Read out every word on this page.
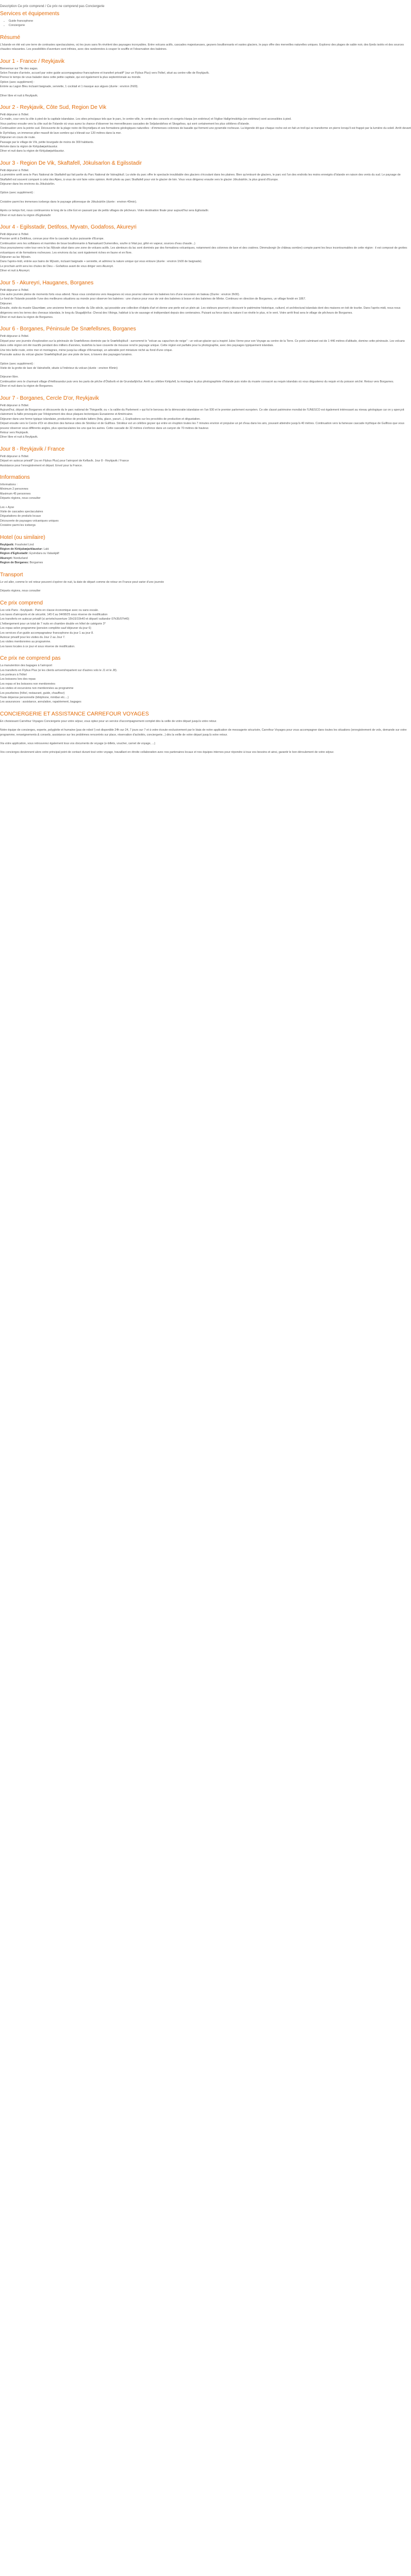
Description Ce prix comprend / Ce prix ne comprend pas Conciergerie

Services et équipements
• Guide francophone
• Conciergerie
Résumé

L'Islande en été est une terre de contrastes spectaculaires, où les jours sans fin révèlent des paysages incroyables. Entre volcans actifs, cascades majestueuses, geysers bouillonnants et vastes glaciers, le pays offre des merveilles naturelles uniques. Explorez des plages de sable noir, des fjords isolés et des sources chaudes relaxantes. Les possibilités d'aventure sont infinies, avec des randonnées à couper le souffle et l'observation des baleines.

Jour 1 - France / Reykjavik

Bienvenue sur l'île des sagas.

Selon l'horaire d'arrivée, accueil par votre guide accompagnateur francophone et transfert privatif* (sur un Flybus Plus) vers l'hôtel, situé au centre-ville de Reykjavík.

Prenez le temps de vous balader dans cette petite capitale, qui est également la plus septentrionale au monde.

Option (avec supplément) :

Entrée au Lagon Bleu incluant baignade, serviette, 1 cocktail et 1 masque aux algues (durée : environ 2h00).

Dîner libre et nuit à Reykjavik.

Jour 2 - Reykjavik, Côte Sud, Region De Vik

Petit déjeuner à l'hôtel.

Ce matin, cour vers la côte à pied de la capitale islandaise. Les sites principaux tels que le parc, le centre-ville, le centre des concerts et congrès Harpa (en extérieur) et l'église Hallgrímskirkja (en extérieur) sont accessibles à pied.

Vous partirez ensuite vers la côte sud de l'Islande où vous aurez la chance d'observer les merveilleuses cascades de Seljalandsfoss et Skogafoss, qui sont certainement les plus célèbres d'Islande.

Continuation vers la pointe sud. Découverte de la plage noire de Reynisfjara et ses formations géologiques naturelles : d'immenses colonnes de basalte qui forment une pyramide rocheuse. La légende dit que chaque roche est en fait un troll qui se transforme en pierre lorsqu'il est frappé par la lumière du soleil. Arrêt devant le Dyrhólaey, un immense pilier massif de lave sombre qui s'élevait sur 120 mètres dans la mer.

Déjeuner en cours de route.

Passage par le village de Vík, petite bourgade de moins de 300 habitants.

Arrivée dans la région de Kirkjubæjarklaustur.

Dîner et nuit dans la région de Kirkjubæjarklaustur.

Jour 3 - Region De Vik, Skaftafell, Jökulsarlon & Egilsstadir

Petit déjeuner à l'hôtel.

La première arrêt sera le Parc National de Skaftafell qui fait partie du Parc National de Vatnajökull. La visite du parc offre le spectacle inoubliable des glaciers s'écoulant dans les plaines. Bien qu'entouré de glaciers, le parc est l'un des endroits les moins enneigés d'Islande en raison des vents du sud. Le paysage de Skaftafell est souvent comparé à celui des Alpes, à vous de voir faire votre opinion. Arrêt photo au parc Skaftafell pour voir le glacier de loin. Vous vous dirigerez ensuite vers le glacier Jökulsárlón, la plus grand d'Europe.

Déjeuner dans les environs du Jökulsárlón.

Option (avec supplément) :

Croisière parmi les immenses icebergs dans le paysage pittoresque de Jökulsárlón (durée : environ 40min).

Après ce temps fort, nous continuerons le long de la côte Est en passant par de petits villages de pêcheurs. Votre destination finale pour aujourd'hui sera Egilsstaðir.

Dîner et nuit dans la région d'Egilsstaðir

Jour 4 - Egilsstadir, Detifoss, Myvatn, Godafoss, Akureyri

Petit déjeuner à l'hôtel.

Premier arrêt à Dettifoss, connue pour être la cascade la plus puissante d'Europe.

Continuation vers les solfatares et marmites de boue bouillonnante à Namaskard Dumerolles, soufre à l'état pur, gêté en vapeur, sources d'eau chaude...)

Vous poursuiverez votre tour vers le lac Mývatn situé dans une zone de volcans actifs. Les alentours du lac sont dominés par des formations volcaniques, notamment des colonnes de lave et des cratères. Dimmuborgir (le château sombre) compte parmi les lieux incontournables de cette région : il est composé de grottes volcaniques et de formations rocheuses. Les environs du lac sont également riches en faune et en flore.

Déjeuner au lac Mývatn.

Dans l'après-midi, entrée aux bains de Mývatn, incluant baignade + serviette, et admirez la nature unique qui vous entoure (durée : environ 1h00 de baignade).

Le prochain arrêt sera les chutes de Dieu – Goðafoss avant de vous diriger vers Akureyri.

Dîner et nuit à Akureyri.

Jour 5 - Akureyri, Hauganes, Borganes

Petit déjeuner à l'hôtel.

Une autre journée pleine de moments forts vous attend. Nous vous conduirons vers Haugenes où vous pourrez observer les baleines lors d'une excursion en bateau (Durée : environ 3h00).

Le fond de l'Islande possède l'une des meilleures situations au monde pour observer les baleines : une chance pour vous de voir des baleines à bosse et des baleines de Minke. Continuez en direction de Borgarnes, un village fondé en 1867.

Déjeuner.

Ensuite, visite du musée Glaumbær, une ancienne ferme en tourbe du 18e siècle, qui possède une collection d'objets d'art et donne une perle est un plein air. Les visiteurs pourront y découvrir le patrimoine historique, culturel, et architectural islandais dont des maisons en toit de tourbe. Dans l'après-midi, nous nous dirigerons vers les terres des chevaux islandais, le long du Skagafjörður. Cheval des Vikings, habitué à la vie sauvage et indépendant depuis des centenaires. Puisant sa force dans la nature il se révèle le plus, ni le vent. Votre arrêt final sera le village de pêcheurs de Borgarnes.

Dîner et nuit dans la région de Borgarnes.

Jour 6 - Borganes, Péninsule De Snæfellsnes, Borganes

Petit déjeuner à l'hôtel.

Départ pour une journée d'exploration sur la péninsule de Snæfellsnes dominée par le Snæfellsjökull - surnommé le "volcan au capuchon de neige" - un volcan-glacier qui a inspiré Jules Verne pour son Voyage au centre de la Terre. Ce point culminant est de 1 446 mètres d'altitude, domine cette péninsule. Les volcans dans cette région ont été inactifs pendant des milliers d'années, toutefois la lave couverte de mousse rend le paysage unique. Cette région est parfaite pour la photographie, avec des paysages typiquement islandais.

Une très belle route, entre mer et montagnes, mène jusqu'au village d'Arnarstapi, un adorable port miniature niché au fond d'une crique.

Poursuite autour du volcan glacier Snæfellsjökull par une piste de lave, à travers des paysages lunaires.

Option (avec supplément) :

Visite de la grotte de lave de Vatnshellir, située à l'intérieur du volcan (durée : environ 45min)

Déjeuner libre.

Continuation vers le charmant village d'Hellissandur puis vers les parts de pêche d'Ólafsvík et de Grundarfjörður. Arrêt au célèbre Kirkjufell, la montagne la plus photographiée d'Islande puis visite du musée consacré au requin islandais où vous dégusterez du requin et du poisson séché. Retour vers Borgarnes.

Dîner et nuit dans la région de Borgarnes.

Jour 7 - Borganes, Cercle D'or, Reykjavik

Petit déjeuner à l'hôtel.

Aujourd'hui, départ de Borgarnes et découverte du le parc national de Thingvellir, ou « la vallée du Parlement » qui fut le berceau de la démocratie islandaise en l'an 930 et le premier parlement européen. Ce site classé patrimoine mondial de l'UNESCO est également intéressant au niveau géologique car on y aperçoit clairement la faille provoquée par l'éloignement des deux plaques tectoniques Eurasienne et Américaine.

Déjeuner dans une ferme typique islandaise, productrice de produits laitiers (feta, glace, yaourt...). Explications sur les procédés de production et dégustation.

Départ ensuite vers le Cercle d'Or en direction des fameux sites de Strokkur et de Gullfoss. Strokkur est un célèbre geyser qui entre en éruption toutes les 7 minutes environ et propulse un jet d'eau dans les airs, pouvant atteindre jusqu'à 40 mètres. Continuation vers la fameuse cascade mythique de Gullfoss que vous pouvez observer sous différents angles, plus spectaculaires les uns que les autres. Cette cascade de 32 mètres s'enfonce dans un canyon de 70 mètres de hauteur.

Retour vers Reykjavik.

Dîner libre et nuit à Reykjavik.

Jour 8 - Reykjavik / France

Petit déjeuner à l'hôtel.

Départ en autocar privatif* (ou en Flybus Plus) pour l'aéroport de Keflavík. Jour 8 - Reykjavik / France

Assistance pour l'enregistrement et départ. Envol pour la France.

Informations

Informations :

Minimum 2 personnes

Maximum 45 personnes

Départs régions, nous consulter

Les + Ayse

Visite de cascades spectaculaires

Dégustations de produits locaux

Découverte de paysages volcaniques uniques

Croisière parmi les icebergs

Hotel (ou similaire)

Reykjavik: Fosshotel Lind

Région de Kirkjubæjarklaustur: Laki

Région d'Egilsstadir: Eyvindara ou Valaskjálf

Akureyri: Nordurland

Region de Borganes: Borgarnes

Transport

Le vol aller, comme le vol retour peuvent s'opérer de nuit, la date de départ comme de retour en France peut varier d'une journée

Départs régions, nous consulter

Ce prix comprend

Les vols Paris - Keykjavik - Paris en classe économique avec ou sans escale.

Les taxes d'aéroports et de sécurité, 145 € au 04/08/25 sous réserve de modification

Les transferts en autocar privatif (si arrivée/ouverture 15h15/15h40 et départ/ outlandor 07h35/07h40)

L'hébergement pour un total de 7 nuits en chambre double en hôtel de catégorie 3*

Les repas selon programme (pension complète sauf déjeuner du jour 6)

Les services d'un guide accompagnateur francophone du jour 1 au jour 8.

Autocar privatif pour les visites du Jour 2 au Jour 7.

Les visites mentionnées au programme.

Les taxes locales à ce jour et sous réserve de modification.

Ce prix ne comprend pas

La manutention des bagages à l'aéroport

Les transferts en Flybus Plus (si les clients arrivent/repartent sur d'autres vols le J1 et le J8).

Les porteurs à l'hôtel

Les boissons lors des repas

Les repas et les boissons non mentionnées

Les visites et excursions non mentionnées au programme

Les pourboires (hôtel, restaurant, guide, chauffeur)

Toute dépense personnelle (téléphone, minibar etc....)

Les assurances : assistance, annulation, rapatriement, bagages

CONCIERGERIE ET ASSISTANCE CARREFOUR VOYAGES

En choisissant Carrefour Voyages Conciergerie pour votre séjour, vous optez pour un service d'accompagnement complet dès la veille de votre départ jusqu'à votre retour.

Notre équipe de concierges, experte, polyglotte et humaine (pas de robot !) est disponible 24h sur 24, 7 jours sur 7 et à votre écoute exclusivement par le biais de notre application de messagerie sécurisée, Carrefour Voyages pour vous accompagner dans toutes les situations (enregistrement de vols, demande sur votre programme, renseignements & conseils, assistance sur les problèmes rencontrés sur place, réservation d'activités, conciergerie...) dès la veille de votre départ jusqu'à votre retour.

Via votre application, vous retrouverez également tous vos documents de voyage (e-billets, voucher, carnet de voyage, ...)

Vos concierges deviennent alors votre principal point de contact durant tout votre voyage, travaillant en étroite collaboration avec nos partenaires locaux et nos équipes internes pour répondre à tous vos besoins et ainsi, garantir le bon déroulement de votre séjour.
